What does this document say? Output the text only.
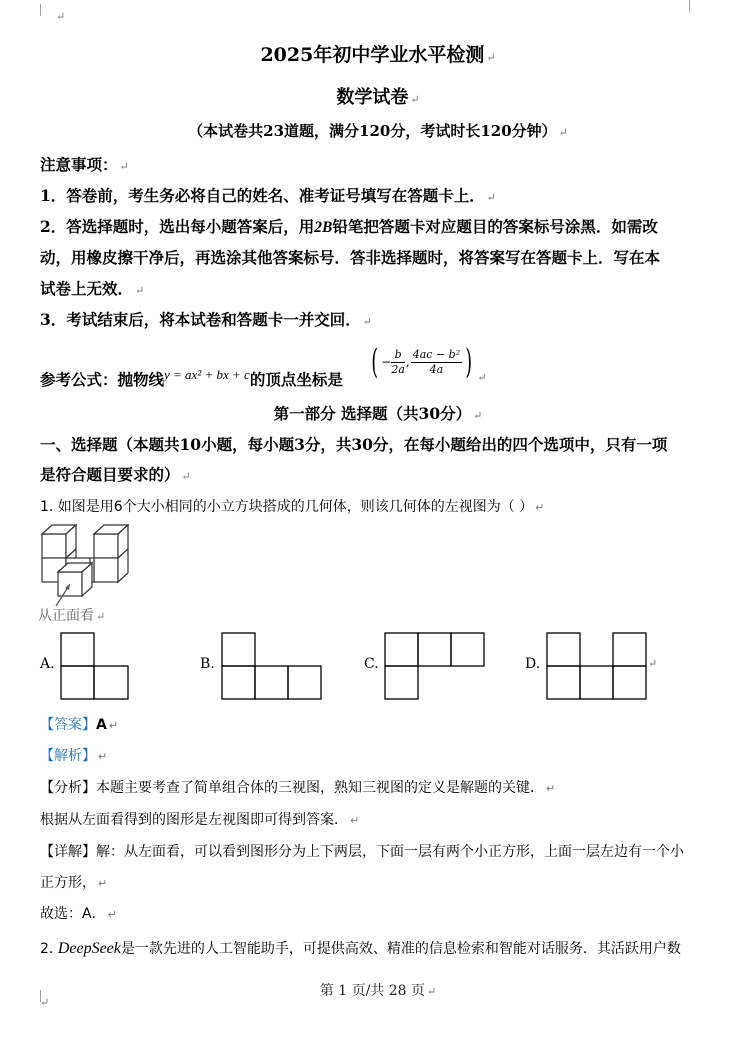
↵
2025年初中学业水平检测 ↵
数学试卷 ↵
（本试卷共23道题，满分120分，考试时长120分钟） ↵
注意事项： ↵
1．答卷前，考生务必将自己的姓名、准考证号填写在答题卡上． ↵
2．答选择题时，选出每小题答案后，用2B铅笔把答题卡对应题目的答案标号涂黑．如需改
动，用橡皮擦干净后，再选涂其他答案标号．答非选择题时，将答案写在答题卡上．写在本
试卷上无效． ↵
3．考试结束后，将本试卷和答题卡一并交回． ↵
参考公式：抛物线$^{y = ax^2 + bx + c}$的顶点坐标是 ( − $\frac{b}{2a}$ , $\frac{\text{4ac − b²}}{4a}$ ) ↵
第一部分 选择题（共30分） ↵
一、选择题（本题共10小题，每小题3分，共30分，在每小题给出的四个选项中，只有一项
是符合题目要求的） ↵
1. 如图是用6个大小相同的小立方块搭成的几何体，则该几何体的左视图为（ ） ↵
从正面看 ↵
A.	B.	C.	D.	↵
【答案】A ↵
【解析】 ↵
【分析】本题主要考查了简单组合体的三视图，熟知三视图的定义是解题的关键． ↵
根据从左面看得到的图形是左视图即可得到答案． ↵
【详解】解：从左面看，可以看到图形分为上下两层，下面一层有两个小正方形，上面一层左边有一个小
正方形， ↵
故选：A． ↵
2. DeepSeek是一款先进的人工智能助手，可提供高效、精准的信息检索和智能对话服务．其活跃用户数
第 1 页/共 28 页 ↵
↵
